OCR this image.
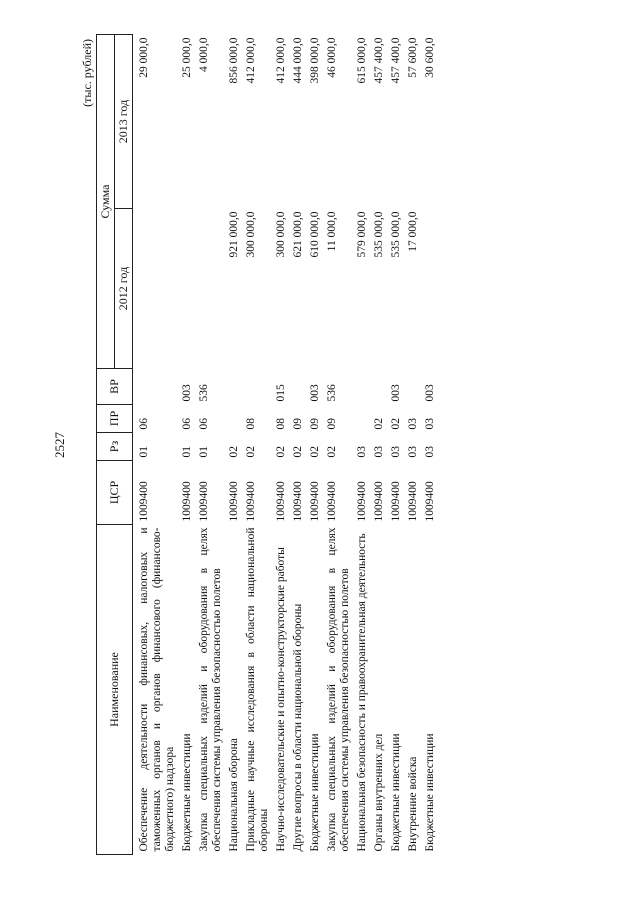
2527
(тыс. рублей)
Наименование	ЦСР	Рз	ПР	ВР	Сумма	
					2012 год	2013 год
Обеспечение деятельности финансовых, налоговых и таможенных органов и органов финансового (финансово-бюджетного) надзора	1009400	01	06			29 000,0
Бюджетные инвестиции	1009400	01	06	003		25 000,0
Закупка специальных изделий и оборудования в целях обеспечения системы управления безопасностью полетов	1009400	01	06	536		4 000,0
Национальная оборона	1009400	02			921 000,0	856 000,0
Прикладные научные исследования в области национальной обороны	1009400	02	08		300 000,0	412 000,0
Научно-исследовательские и опытно-конструкторские работы	1009400	02	08	015	300 000,0	412 000,0
Другие вопросы в области национальной обороны	1009400	02	09		621 000,0	444 000,0
Бюджетные инвестиции	1009400	02	09	003	610 000,0	398 000,0
Закупка специальных изделий и оборудования в целях обеспечения системы управления безопасностью полетов	1009400	02	09	536	11 000,0	46 000,0
Национальная безопасность и правоохранительная деятельность	1009400	03			579 000,0	615 000,0
Органы внутренних дел	1009400	03	02		535 000,0	457 400,0
Бюджетные инвестиции	1009400	03	02	003	535 000,0	457 400,0
Внутренние войска	1009400	03	03		17 000,0	57 600,0
Бюджетные инвестиции	1009400	03	03	003		30 600,0
